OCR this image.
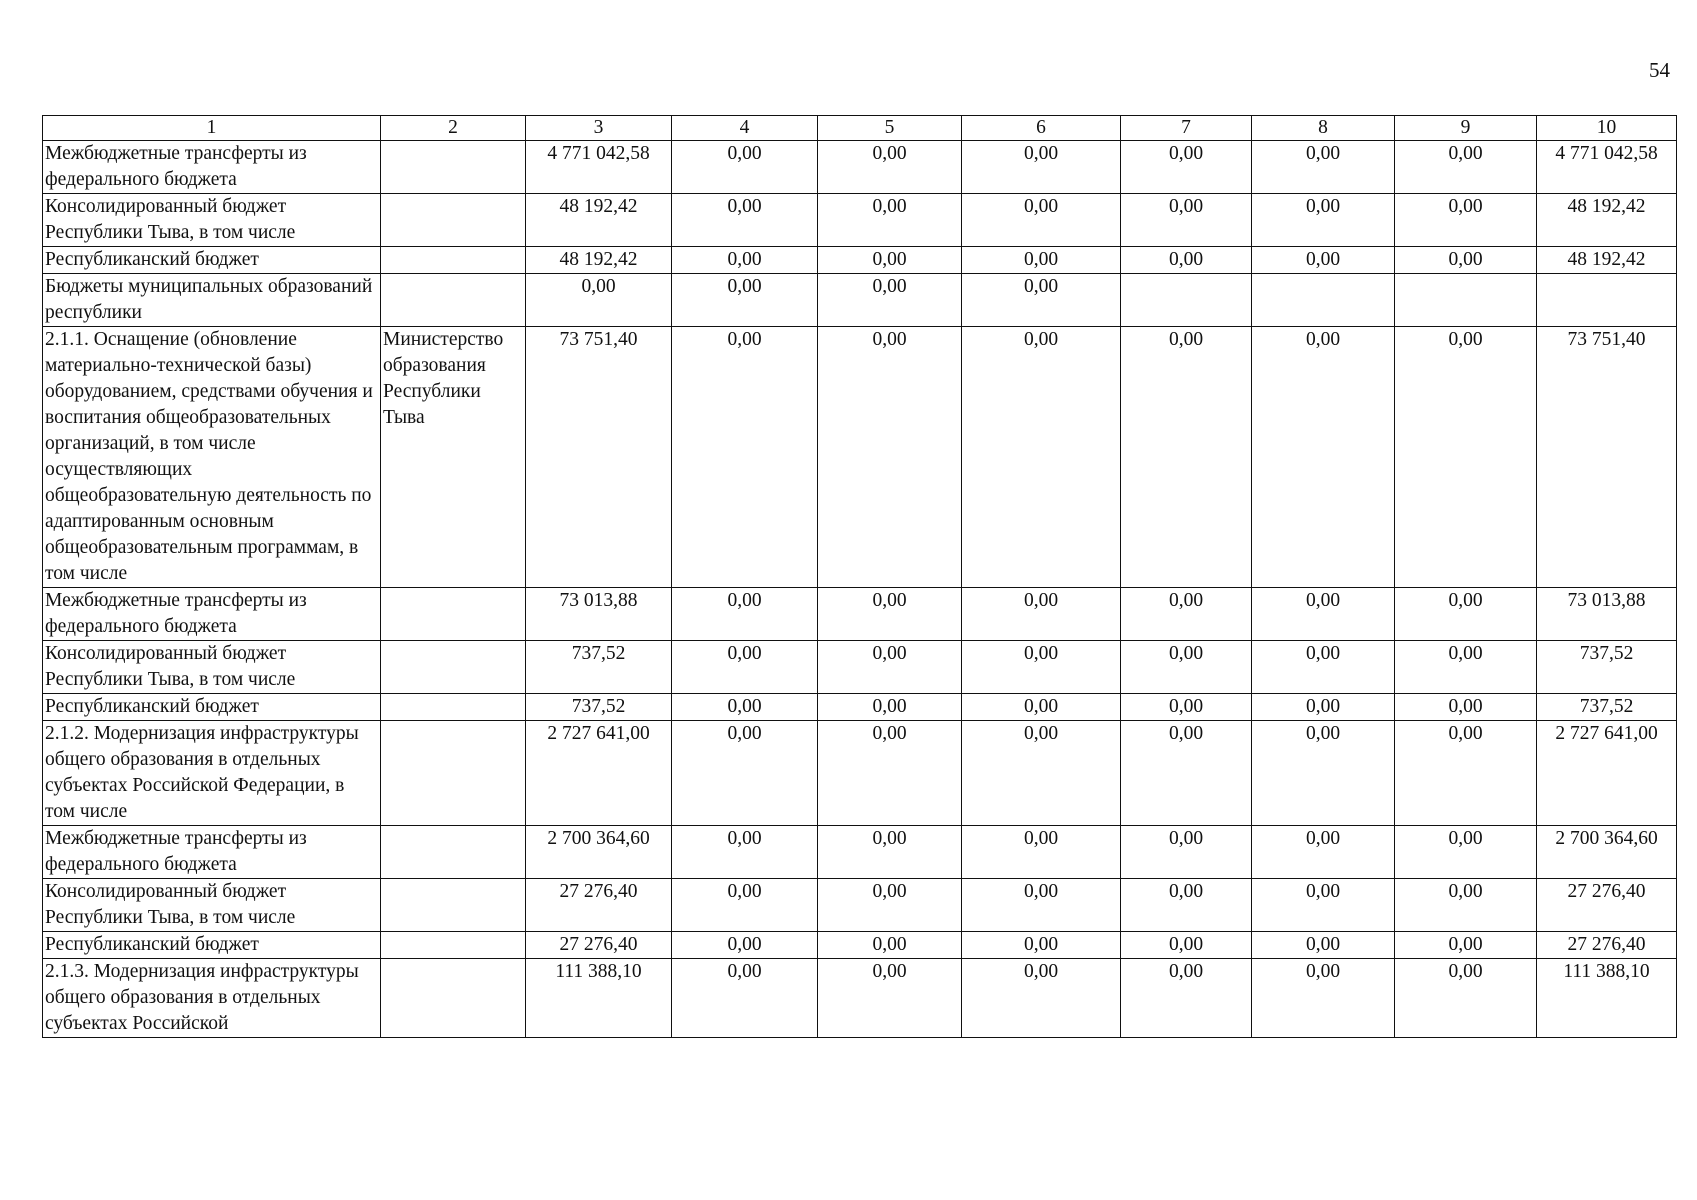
54
1	2	3	4	5	6	7	8	9	10
Межбюджетные трансферты из федерального бюджета		4 771 042,58	0,00	0,00	0,00	0,00	0,00	0,00	4 771 042,58
Консолидированный бюджет Республики Тыва, в том числе		48 192,42	0,00	0,00	0,00	0,00	0,00	0,00	48 192,42
Республиканский бюджет		48 192,42	0,00	0,00	0,00	0,00	0,00	0,00	48 192,42
Бюджеты муниципальных образований республики		0,00	0,00	0,00	0,00				
2.1.1. Оснащение (обновление материально-технической базы) оборудованием, средствами обучения и воспитания общеобразовательных организаций, в том числе осуществляющих общеобразовательную деятельность по адаптированным основным общеобразовательным программам, в том числе	Министерство образования Республики Тыва	73 751,40	0,00	0,00	0,00	0,00	0,00	0,00	73 751,40
Межбюджетные трансферты из федерального бюджета		73 013,88	0,00	0,00	0,00	0,00	0,00	0,00	73 013,88
Консолидированный бюджет Республики Тыва, в том числе		737,52	0,00	0,00	0,00	0,00	0,00	0,00	737,52
Республиканский бюджет		737,52	0,00	0,00	0,00	0,00	0,00	0,00	737,52
2.1.2. Модернизация инфраструктуры общего образования в отдельных субъектах Российской Федерации, в том числе		2 727 641,00	0,00	0,00	0,00	0,00	0,00	0,00	2 727 641,00
Межбюджетные трансферты из федерального бюджета		2 700 364,60	0,00	0,00	0,00	0,00	0,00	0,00	2 700 364,60
Консолидированный бюджет Республики Тыва, в том числе		27 276,40	0,00	0,00	0,00	0,00	0,00	0,00	27 276,40
Республиканский бюджет		27 276,40	0,00	0,00	0,00	0,00	0,00	0,00	27 276,40
2.1.3. Модернизация инфраструктуры общего образования в отдельных субъектах Российской		111 388,10	0,00	0,00	0,00	0,00	0,00	0,00	111 388,10
